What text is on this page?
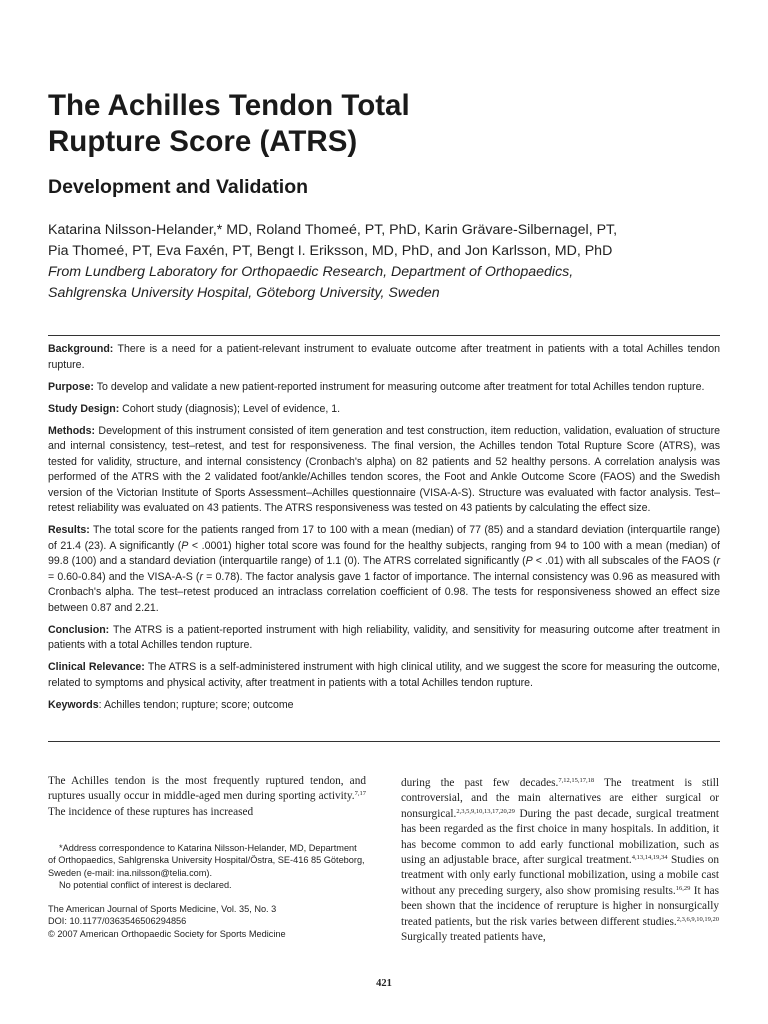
The Achilles Tendon Total
Rupture Score (ATRS)
Development and Validation
Katarina Nilsson-Helander,* MD, Roland Thomeé, PT, PhD, Karin Grävare-Silbernagel, PT,
Pia Thomeé, PT, Eva Faxén, PT, Bengt I. Eriksson, MD, PhD, and Jon Karlsson, MD, PhD
From Lundberg Laboratory for Orthopaedic Research, Department of Orthopaedics,
Sahlgrenska University Hospital, Göteborg University, Sweden

Background: There is a need for a patient-relevant instrument to evaluate outcome after treatment in patients with a total Achilles tendon rupture.

Purpose: To develop and validate a new patient-reported instrument for measuring outcome after treatment for total Achilles tendon rupture.

Study Design: Cohort study (diagnosis); Level of evidence, 1.

Methods: Development of this instrument consisted of item generation and test construction, item reduction, validation, evaluation of structure and internal consistency, test–retest, and test for responsiveness. The final version, the Achilles tendon Total Rupture Score (ATRS), was tested for validity, structure, and internal consistency (Cronbach's alpha) on 82 patients and 52 healthy persons. A correlation analysis was performed of the ATRS with the 2 validated foot/ankle/Achilles tendon scores, the Foot and Ankle Outcome Score (FAOS) and the Swedish version of the Victorian Institute of Sports Assessment–Achilles questionnaire (VISA-A-S). Structure was evaluated with factor analysis. Test–retest reliability was evaluated on 43 patients. The ATRS responsiveness was tested on 43 patients by calculating the effect size.

Results: The total score for the patients ranged from 17 to 100 with a mean (median) of 77 (85) and a standard deviation (interquartile range) of 21.4 (23). A significantly (P < .0001) higher total score was found for the healthy subjects, ranging from 94 to 100 with a mean (median) of 99.8 (100) and a standard deviation (interquartile range) of 1.1 (0). The ATRS correlated significantly (P < .01) with all subscales of the FAOS (r = 0.60-0.84) and the VISA-A-S (r = 0.78). The factor analysis gave 1 factor of importance. The internal consistency was 0.96 as measured with Cronbach's alpha. The test–retest produced an intraclass correlation coefficient of 0.98. The tests for responsiveness showed an effect size between 0.87 and 2.21.

Conclusion: The ATRS is a patient-reported instrument with high reliability, validity, and sensitivity for measuring outcome after treatment in patients with a total Achilles tendon rupture.

Clinical Relevance: The ATRS is a self-administered instrument with high clinical utility, and we suggest the score for measuring the outcome, related to symptoms and physical activity, after treatment in patients with a total Achilles tendon rupture.

Keywords: Achilles tendon; rupture; score; outcome

The Achilles tendon is the most frequently ruptured tendon, and ruptures usually occur in middle-aged men during sporting activity.$^{7,17}$ The incidence of these ruptures has increased

*Address correspondence to Katarina Nilsson-Helander, MD, Department of Orthopaedics, Sahlgrenska University Hospital/Östra, SE-416 85 Göteborg, Sweden (e-mail: ina.nilsson@telia.com).

No potential conflict of interest is declared.

The American Journal of Sports Medicine, Vol. 35, No. 3
DOI: 10.1177/0363546506294856
© 2007 American Orthopaedic Society for Sports Medicine

during the past few decades.$^{7,12,15,17,18}$ The treatment is still controversial, and the main alternatives are either surgical or nonsurgical.$^{2,3,5,9,10,13,17,20,29}$ During the past decade, surgical treatment has been regarded as the first choice in many hospitals. In addition, it has become common to add early functional mobilization, such as using an adjustable brace, after surgical treatment.$^{4,13,14,19,34}$ Studies on treatment with only early functional mobilization, using a mobile cast without any preceding surgery, also show promising results.$^{16,29}$ It has been shown that the incidence of rerupture is higher in nonsurgically treated patients, but the risk varies between different studies.$^{2,3,6,9,10,19,20}$ Surgically treated patients have,

421
